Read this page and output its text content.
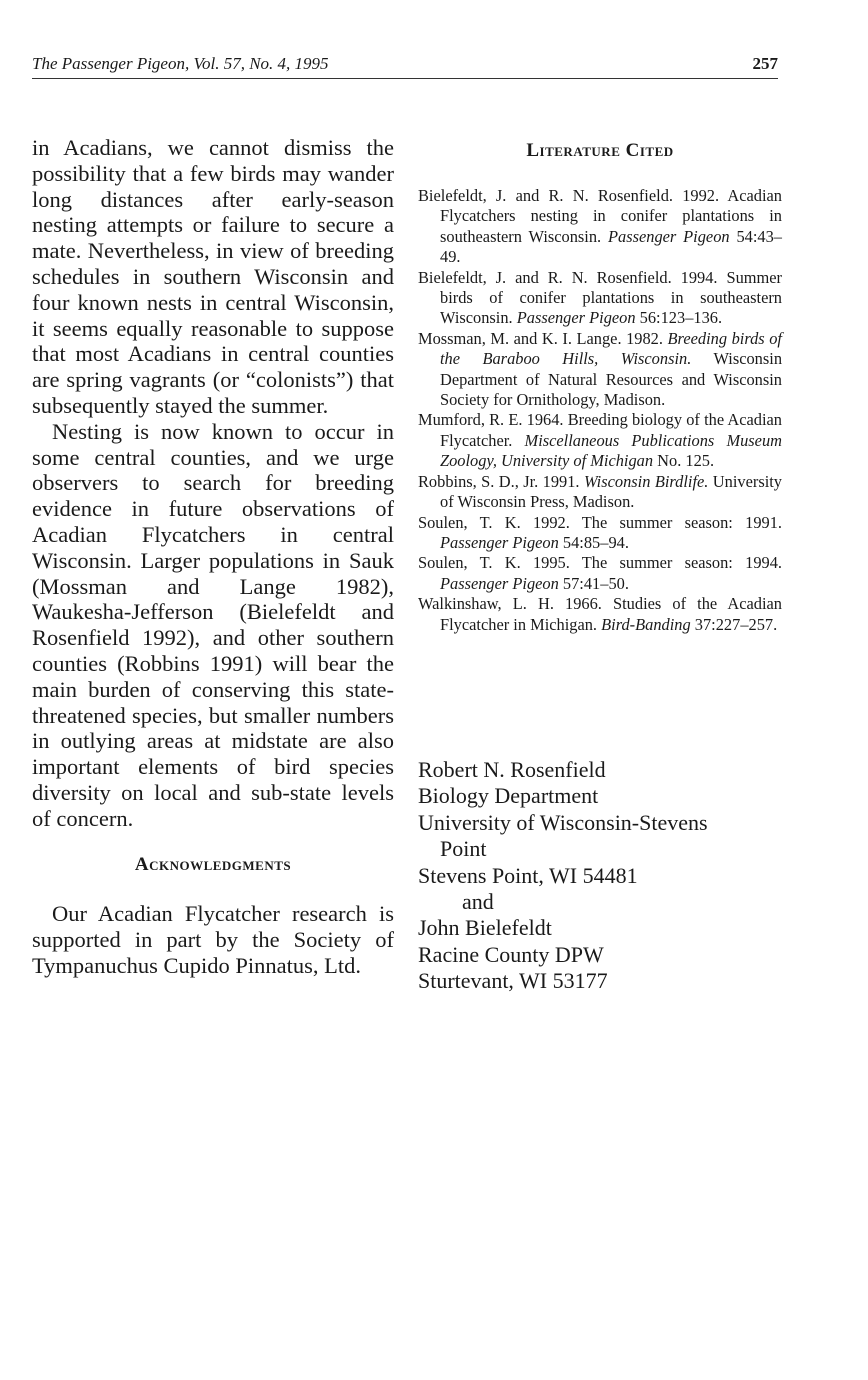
The Passenger Pigeon, Vol. 57, No. 4, 1995	257

in Acadians, we cannot dismiss the possibility that a few birds may wander long distances after early-season nesting attempts or failure to secure a mate. Nevertheless, in view of breeding schedules in southern Wisconsin and four known nests in central Wisconsin, it seems equally reasonable to suppose that most Acadians in central counties are spring vagrants (or “colonists”) that subsequently stayed the summer.

Nesting is now known to occur in some central counties, and we urge observers to search for breeding evidence in future observations of Acadian Flycatchers in central Wisconsin. Larger populations in Sauk (Mossman and Lange 1982), Waukesha-Jefferson (Bielefeldt and Rosenfield 1992), and other southern counties (Robbins 1991) will bear the main burden of conserving this state-threatened species, but smaller numbers in outlying areas at midstate are also important elements of bird species diversity on local and sub-state levels of concern.

Acknowledgments

Our Acadian Flycatcher research is supported in part by the Society of Tympanuchus Cupido Pinnatus, Ltd.

Literature Cited
Bielefeldt, J. and R. N. Rosenfield. 1992. Acadian Flycatchers nesting in conifer plantations in southeastern Wisconsin. Passenger Pigeon 54:43–49.
Bielefeldt, J. and R. N. Rosenfield. 1994. Summer birds of conifer plantations in southeastern Wisconsin. Passenger Pigeon 56:123–136.
Mossman, M. and K. I. Lange. 1982. Breeding birds of the Baraboo Hills, Wisconsin. Wisconsin Department of Natural Resources and Wisconsin Society for Ornithology, Madison.
Mumford, R. E. 1964. Breeding biology of the Acadian Flycatcher. Miscellaneous Publications Museum Zoology, University of Michigan No. 125.
Robbins, S. D., Jr. 1991. Wisconsin Birdlife. University of Wisconsin Press, Madison.
Soulen, T. K. 1992. The summer season: 1991. Passenger Pigeon 54:85–94.
Soulen, T. K. 1995. The summer season: 1994. Passenger Pigeon 57:41–50.
Walkinshaw, L. H. 1966. Studies of the Acadian Flycatcher in Michigan. Bird-Banding 37:227–257.
Robert N. Rosenfield
Biology Department
University of Wisconsin-Stevens
Point
Stevens Point, WI 54481
and
John Bielefeldt
Racine County DPW
Sturtevant, WI 53177
